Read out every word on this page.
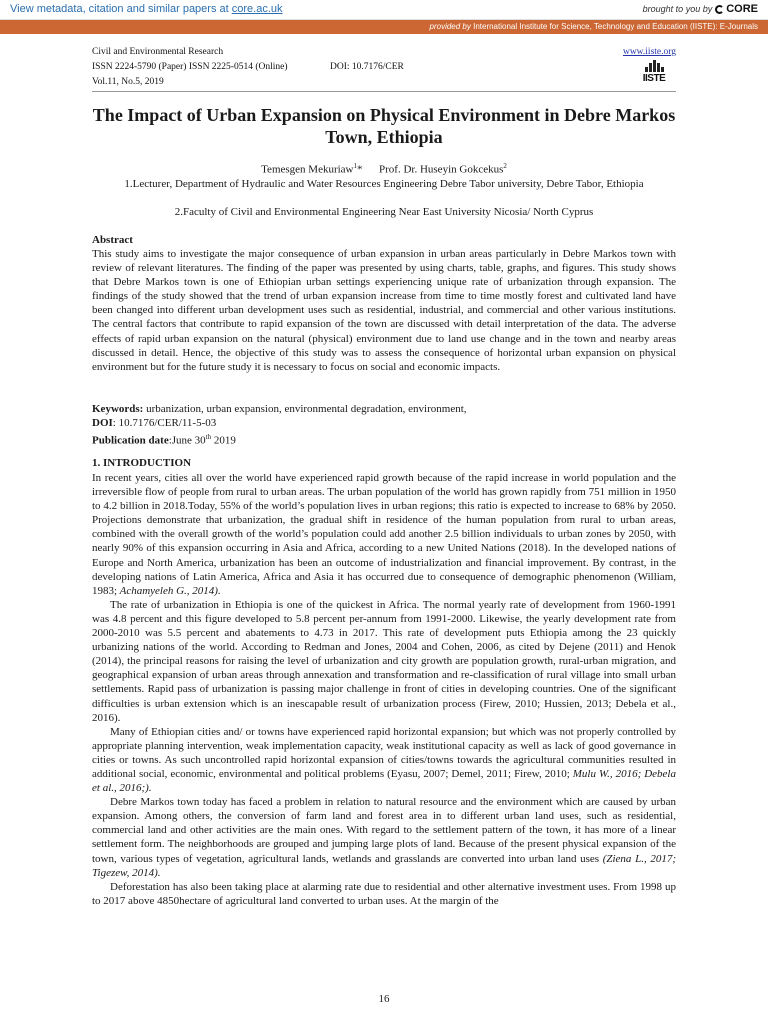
View metadata, citation and similar papers at core.ac.uk	brought to you by CORE
provided by International Institute for Science, Technology and Education (IISTE): E-Journals
Civil and Environmental Research
ISSN 2224-5790 (Paper) ISSN 2225-0514 (Online)	DOI: 10.7176/CER
Vol.11, No.5, 2019
www.iiste.org
IISTE
The Impact of Urban Expansion on Physical Environment in Debre Markos Town, Ethiopia
Temesgen Mekuriaw$^1$* Prof. Dr. Huseyin Gokcekus$^2$
1.Lecturer, Department of Hydraulic and Water Resources Engineering Debre Tabor university, Debre Tabor, Ethiopia
2.Faculty of Civil and Environmental Engineering Near East University Nicosia/ North Cyprus
Abstract
This study aims to investigate the major consequence of urban expansion in urban areas particularly in Debre Markos town with review of relevant literatures. The finding of the paper was presented by using charts, table, graphs, and figures. This study shows that Debre Markos town is one of Ethiopian urban settings experiencing unique rate of urbanization through expansion. The findings of the study showed that the trend of urban expansion increase from time to time mostly forest and cultivated land have been changed into different urban development uses such as residential, industrial, and commercial and other various institutions. The central factors that contribute to rapid expansion of the town are discussed with detail interpretation of the data. The adverse effects of rapid urban expansion on the natural (physical) environment due to land use change and in the town and nearby areas discussed in detail. Hence, the objective of this study was to assess the consequence of horizontal urban expansion on physical environment but for the future study it is necessary to focus on social and economic impacts.
Keywords: urbanization, urban expansion, environmental degradation, environment,
DOI: 10.7176/CER/11-5-03
Publication date:June 30th 2019
1. INTRODUCTION

In recent years, cities all over the world have experienced rapid growth because of the rapid increase in world population and the irreversible flow of people from rural to urban areas. The urban population of the world has grown rapidly from 751 million in 1950 to 4.2 billion in 2018.Today, 55% of the world’s population lives in urban regions; this ratio is expected to increase to 68% by 2050. Projections demonstrate that urbanization, the gradual shift in residence of the human population from rural to urban areas, combined with the overall growth of the world’s population could add another 2.5 billion individuals to urban zones by 2050, with nearly 90% of this expansion occurring in Asia and Africa, according to a new United Nations (2018). In the developed nations of Europe and North America, urbanization has been an outcome of industrialization and financial improvement. By contrast, in the developing nations of Latin America, Africa and Asia it has occurred due to consequence of demographic phenomenon (William, 1983; Achamyeleh G., 2014).

The rate of urbanization in Ethiopia is one of the quickest in Africa. The normal yearly rate of development from 1960-1991 was 4.8 percent and this figure developed to 5.8 percent per-annum from 1991-2000. Likewise, the yearly development rate from 2000-2010 was 5.5 percent and abatements to 4.73 in 2017. This rate of development puts Ethiopia among the 23 quickly urbanizing nations of the world. According to Redman and Jones, 2004 and Cohen, 2006, as cited by Dejene (2011) and Henok (2014), the principal reasons for raising the level of urbanization and city growth are population growth, rural-urban migration, and geographical expansion of urban areas through annexation and transformation and re-classification of rural village into small urban settlements. Rapid pass of urbanization is passing major challenge in front of cities in developing countries. One of the significant difficulties is urban extension which is an inescapable result of urbanization process (Firew, 2010; Hussien, 2013; Debela et al., 2016).

Many of Ethiopian cities and/ or towns have experienced rapid horizontal expansion; but which was not properly controlled by appropriate planning intervention, weak implementation capacity, weak institutional capacity as well as lack of good governance in cities or towns. As such uncontrolled rapid horizontal expansion of cities/towns towards the agricultural communities resulted in additional social, economic, environmental and political problems (Eyasu, 2007; Demel, 2011; Firew, 2010; Mulu W., 2016; Debela et al., 2016;).

Debre Markos town today has faced a problem in relation to natural resource and the environment which are caused by urban expansion. Among others, the conversion of farm land and forest area in to different urban land uses, such as residential, commercial land and other activities are the main ones. With regard to the settlement pattern of the town, it has more of a linear settlement form. The neighborhoods are grouped and jumping large plots of land. Because of the present physical expansion of the town, various types of vegetation, agricultural lands, wetlands and grasslands are converted into urban land uses (Ziena L., 2017; Tigezew, 2014).

Deforestation has also been taking place at alarming rate due to residential and other alternative investment uses. From 1998 up to 2017 above 4850hectare of agricultural land converted to urban uses. At the margin of the

16
